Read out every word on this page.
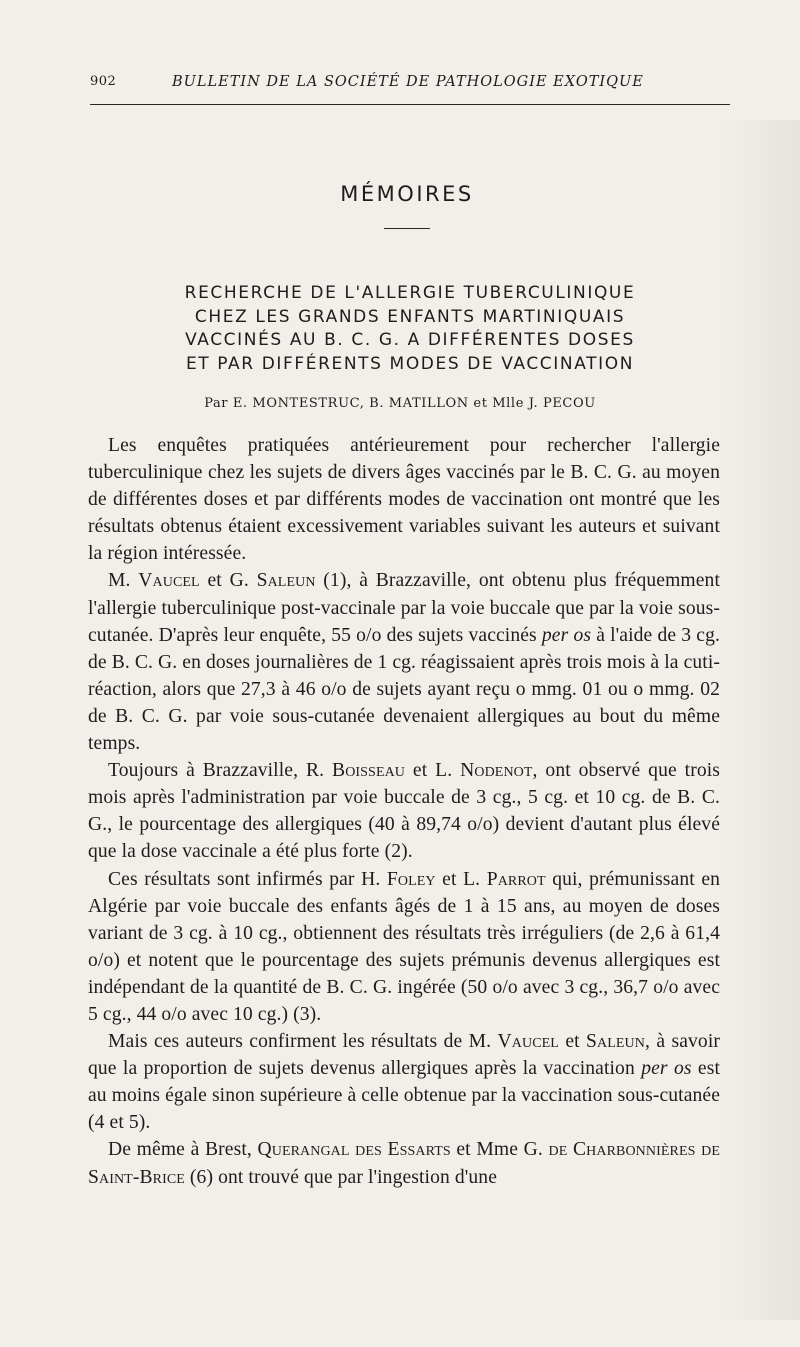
902	BULLETIN DE LA SOCIÉTÉ DE PATHOLOGIE EXOTIQUE
MÉMOIRES
RECHERCHE DE L'ALLERGIE TUBERCULINIQUE
CHEZ LES GRANDS ENFANTS MARTINIQUAIS
VACCINÉS AU B. C. G. A DIFFÉRENTES DOSES
ET PAR DIFFÉRENTS MODES DE VACCINATION
Par E. MONTESTRUC, B. MATILLON et Mlle J. PECOU

Les enquêtes pratiquées antérieurement pour rechercher l'allergie tuberculinique chez les sujets de divers âges vaccinés par le B. C. G. au moyen de différentes doses et par différents modes de vaccination ont montré que les résultats obtenus étaient excessivement variables suivant les auteurs et suivant la région intéressée.

M. Vaucel et G. Saleun (1), à Brazzaville, ont obtenu plus fréquemment l'allergie tuberculinique post-vaccinale par la voie buccale que par la voie sous-cutanée. D'après leur enquête, 55 o/o des sujets vaccinés per os à l'aide de 3 cg. de B. C. G. en doses journalières de 1 cg. réagissaient après trois mois à la cuti-réaction, alors que 27,3 à 46 o/o de sujets ayant reçu o mmg. 01 ou o mmg. 02 de B. C. G. par voie sous-cutanée devenaient allergiques au bout du même temps.

Toujours à Brazzaville, R. Boisseau et L. Nodenot, ont observé que trois mois après l'administration par voie buccale de 3 cg., 5 cg. et 10 cg. de B. C. G., le pourcentage des allergiques (40 à 89,74 o/o) devient d'autant plus élevé que la dose vaccinale a été plus forte (2).

Ces résultats sont infirmés par H. Foley et L. Parrot qui, prémunissant en Algérie par voie buccale des enfants âgés de 1 à 15 ans, au moyen de doses variant de 3 cg. à 10 cg., obtiennent des résultats très irréguliers (de 2,6 à 61,4 o/o) et notent que le pourcentage des sujets prémunis devenus allergiques est indépendant de la quantité de B. C. G. ingérée (50 o/o avec 3 cg., 36,7 o/o avec 5 cg., 44 o/o avec 10 cg.) (3).

Mais ces auteurs confirment les résultats de M. Vaucel et Saleun, à savoir que la proportion de sujets devenus allergiques après la vaccination per os est au moins égale sinon supérieure à celle obtenue par la vaccination sous-cutanée (4 et 5).

De même à Brest, Querangal des Essarts et Mme G. de Charbonnières de Saint-Brice (6) ont trouvé que par l'ingestion d'une
